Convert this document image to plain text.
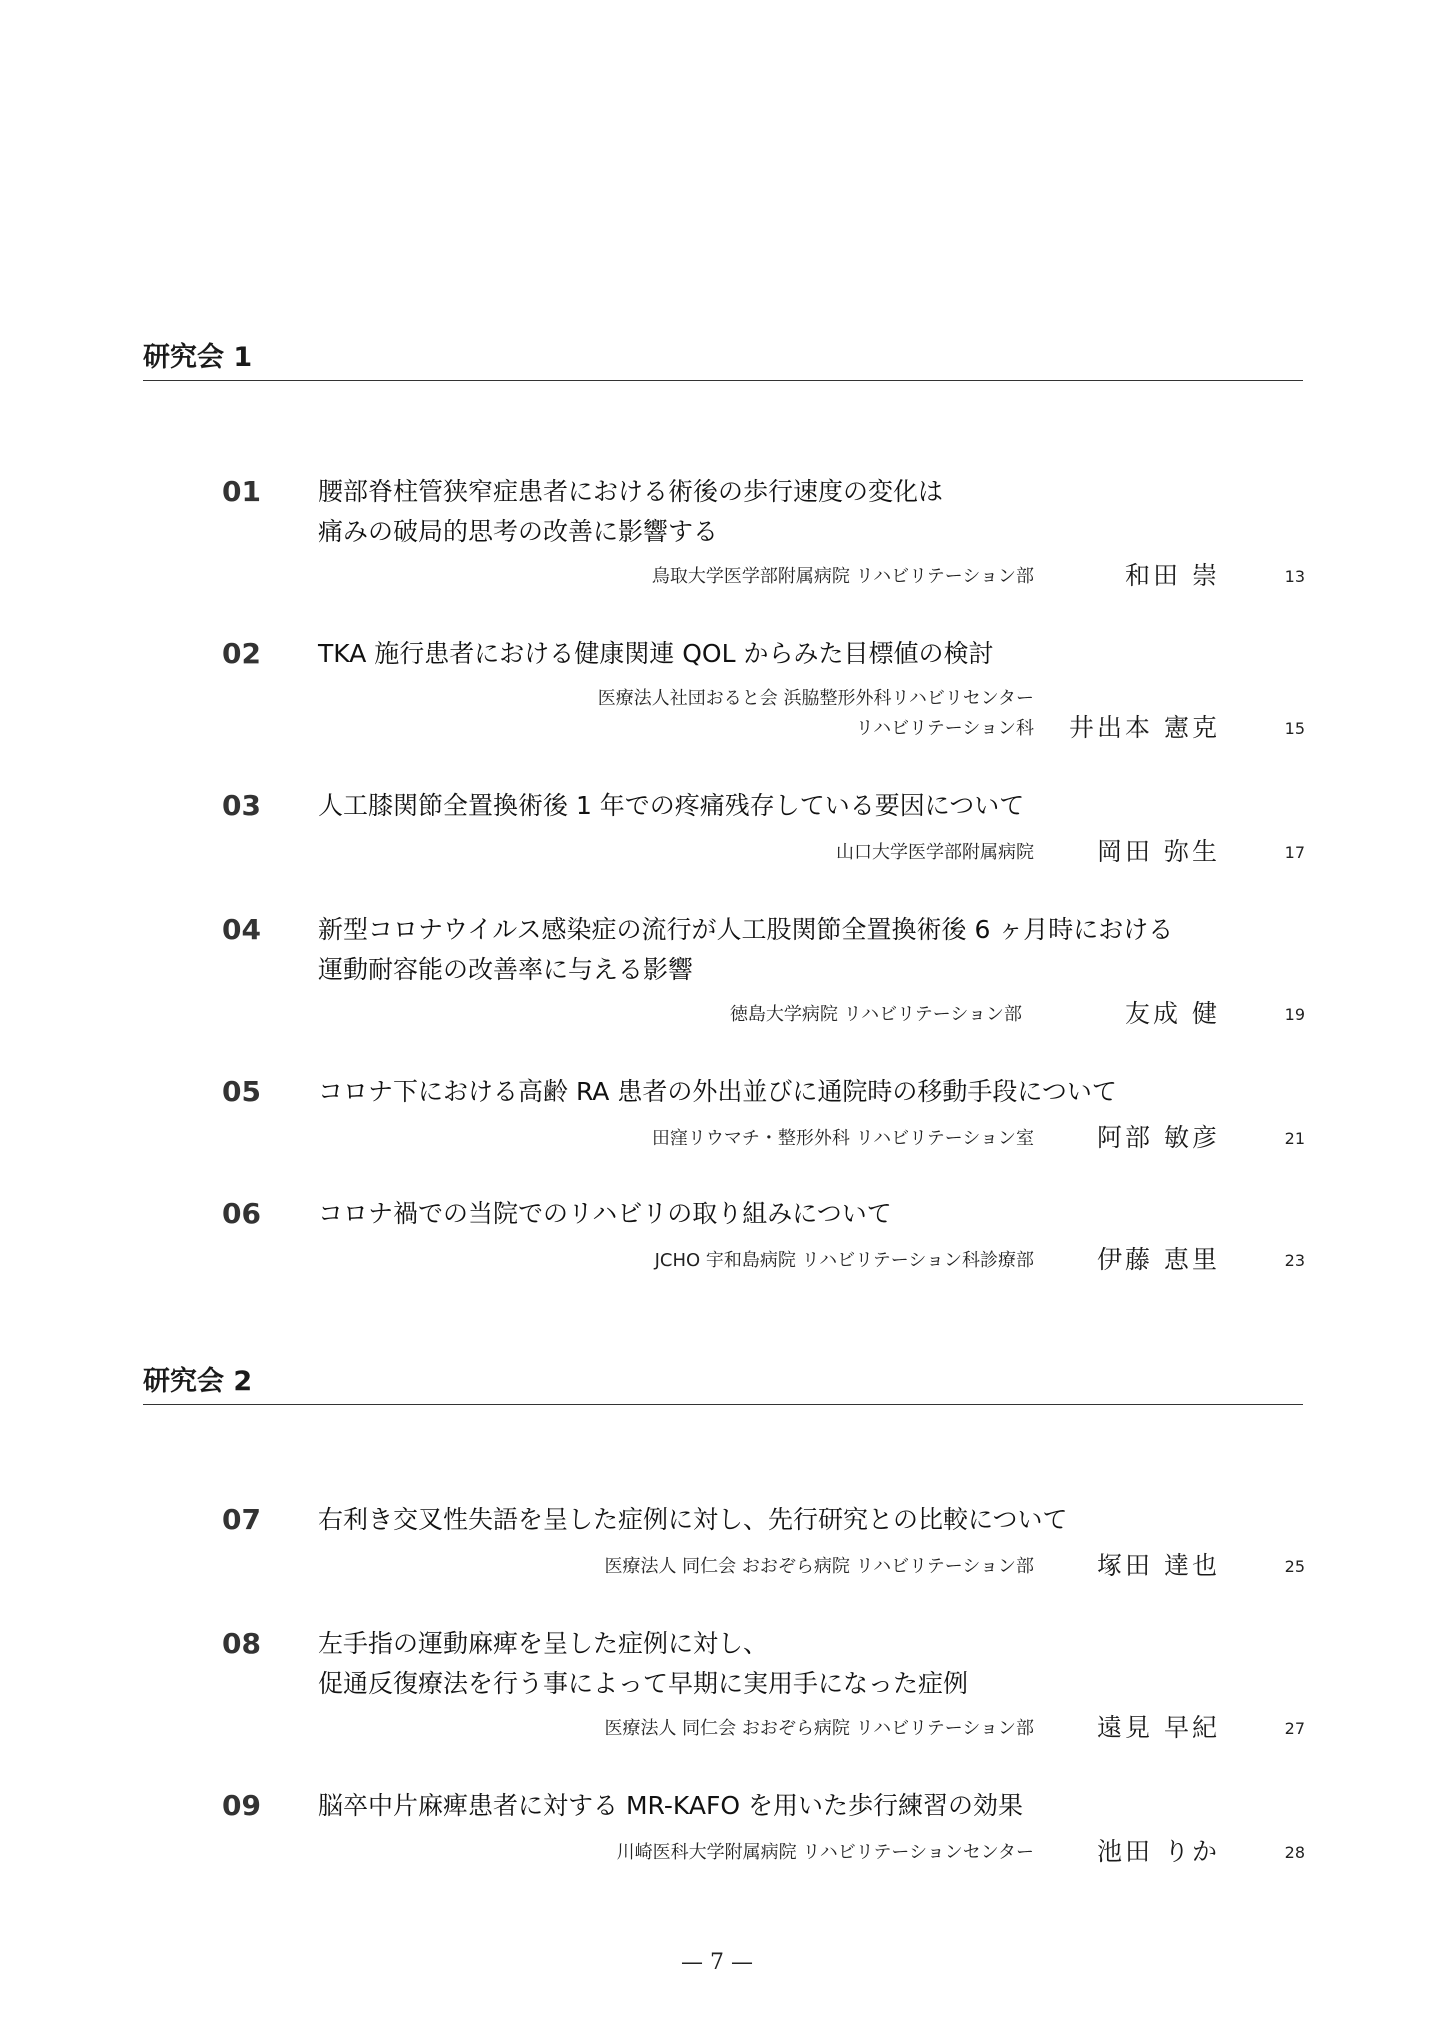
研究会 1
01 腰部脊柱管狭窄症患者における術後の歩行速度の変化は
痛みの破局的思考の改善に影響する
鳥取大学医学部附属病院 リハビリテーション部	和田 崇	13
02 TKA 施行患者における健康関連 QOL からみた目標値の検討
医療法人社団おると会 浜脇整形外科リハビリセンター
リハビリテーション科	井出本 憲克	15
03 人工膝関節全置換術後 1 年での疼痛残存している要因について
山口大学医学部附属病院	岡田 弥生	17
04 新型コロナウイルス感染症の流行が人工股関節全置換術後 6 ヶ月時における
運動耐容能の改善率に与える影響
徳島大学病院 リハビリテーション部	友成 健	19
05 コロナ下における高齢 RA 患者の外出並びに通院時の移動手段について
田窪リウマチ・整形外科 リハビリテーション室	阿部 敏彦	21
06 コロナ禍での当院でのリハビリの取り組みについて
JCHO 宇和島病院 リハビリテーション科診療部	伊藤 恵里	23
研究会 2
07 右利き交叉性失語を呈した症例に対し、先行研究との比較について
医療法人 同仁会 おおぞら病院 リハビリテーション部	塚田 達也	25
08 左手指の運動麻痺を呈した症例に対し、
促通反復療法を行う事によって早期に実用手になった症例
医療法人 同仁会 おおぞら病院 リハビリテーション部	遠見 早紀	27
09 脳卒中片麻痺患者に対する MR-KAFO を用いた歩行練習の効果
川崎医科大学附属病院 リハビリテーションセンター	池田 りか	28
— 7 —
